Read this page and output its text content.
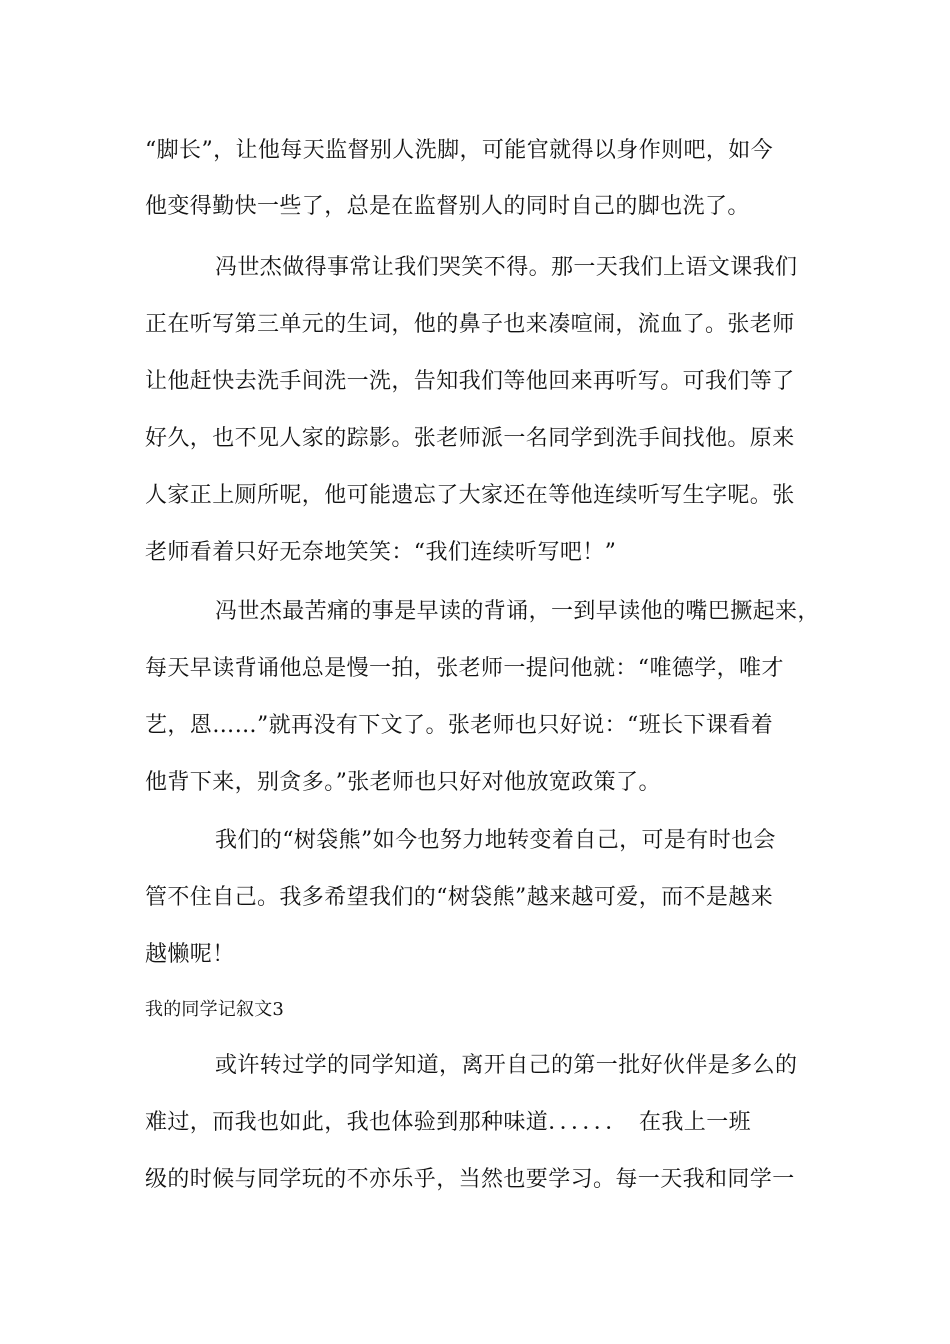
“脚长”，让他每天监督别人洗脚，可能官就得以身作则吧，如今
他变得勤快一些了，总是在监督别人的同时自己的脚也洗了。
冯世杰做得事常让我们哭笑不得。那一天我们上语文课我们
正在听写第三单元的生词，他的鼻子也来凑喧闹，流血了。张老师
让他赶快去洗手间洗一洗，告知我们等他回来再听写。可我们等了
好久，也不见人家的踪影。张老师派一名同学到洗手间找他。原来
人家正上厕所呢，他可能遗忘了大家还在等他连续听写生字呢。张
老师看着只好无奈地笑笑：“我们连续听写吧！”
冯世杰最苦痛的事是早读的背诵，一到早读他的嘴巴撅起来，
每天早读背诵他总是慢一拍，张老师一提问他就：“唯德学，唯才
艺，恩……”就再没有下文了。张老师也只好说：“班长下课看着
他背下来，别贪多。”张老师也只好对他放宽政策了。
我们的“树袋熊”如今也努力地转变着自己，可是有时也会
管不住自己。我多希望我们的“树袋熊”越来越可爱，而不是越来
越懒呢！
我的同学记叙文3
或许转过学的同学知道，离开自己的第一批好伙伴是多么的
难过，而我也如此，我也体验到那种味道．．．．．．　在我上一班
级的时候与同学玩的不亦乐乎，当然也要学习。每一天我和同学一
